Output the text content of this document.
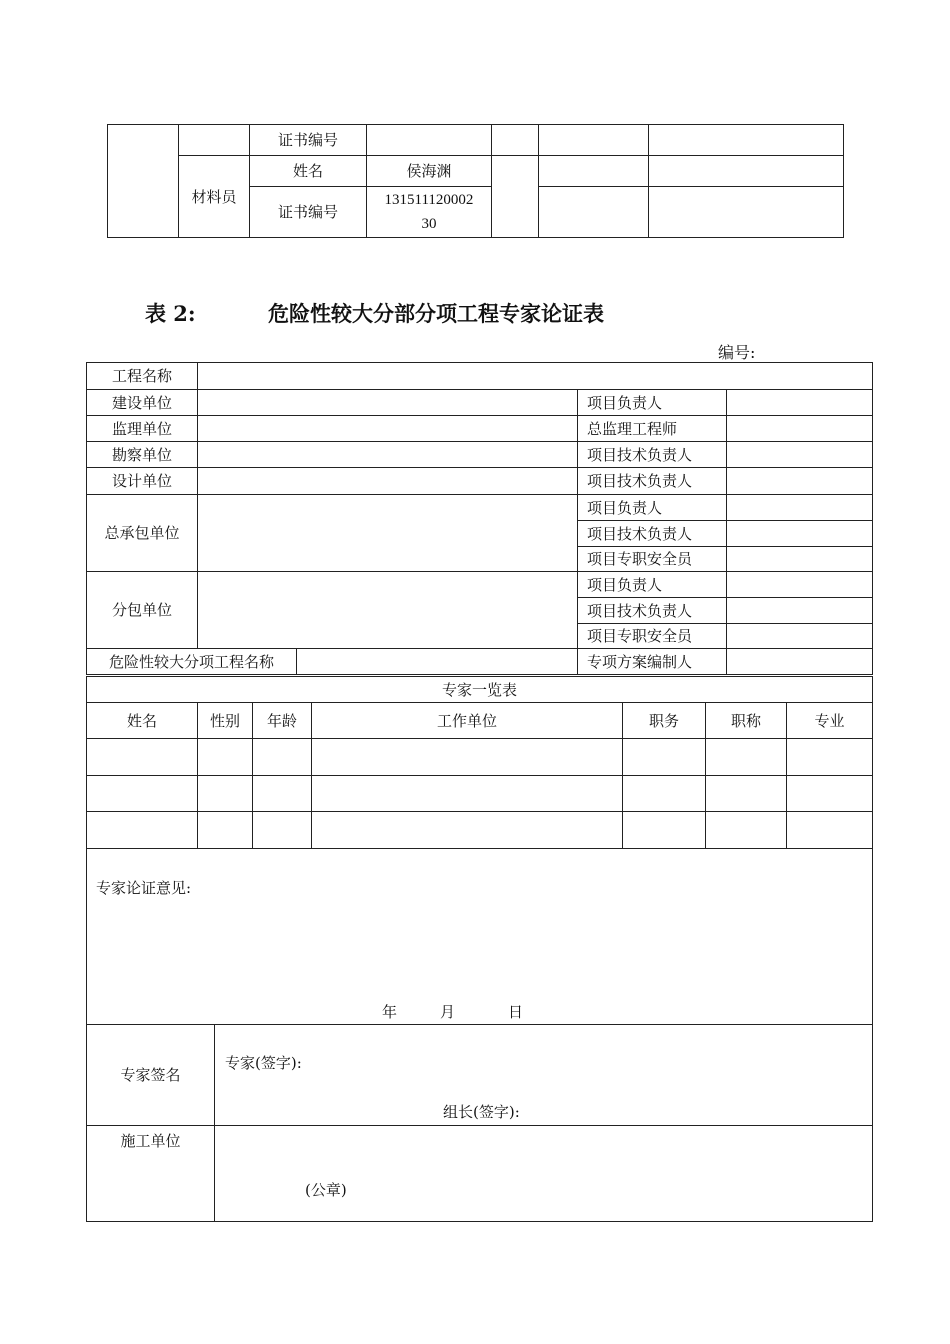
		证书编号				
	材料员	姓名	侯海渊			
		证书编号	131511120002
30			

表 2:	危险性较大分部分项工程专家论证表
编号:
工程名称				
建设单位			项目负责人	
监理单位			总监理工程师	
勘察单位			项目技术负责人	
设计单位			项目技术负责人	
总承包单位			项目负责人	
			项目技术负责人	
			项目专职安全员	
分包单位			项目负责人	
			项目技术负责人	
			项目专职安全员	
危险性较大分项工程名称			专项方案编制人	
专家一览表						
姓名	性别	年龄	工作单位	职务	职称	专业

专家论证意见:
年 月 日	

专家签名	专家(签字):
组长(签字):

施工单位	(公章)
